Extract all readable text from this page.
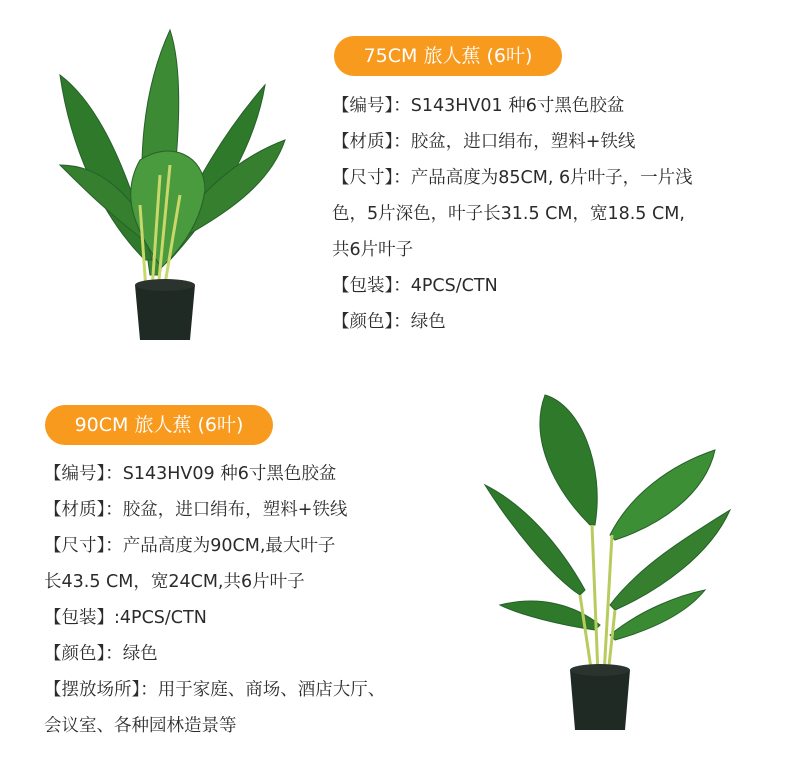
75CM 旅人蕉 (6叶)
【编号】：S143HV01 种6寸黑色胶盆
【材质】：胶盆，进口绢布，塑料+铁线
【尺寸】：产品高度为85CM, 6片叶子，一片浅
色，5片深色，叶子长31.5 CM，宽18.5 CM,
共6片叶子
【包装】：4PCS/CTN
【颜色】：绿色
90CM 旅人蕉 (6叶)
【编号】：S143HV09 种6寸黑色胶盆
【材质】：胶盆，进口绢布，塑料+铁线
【尺寸】：产品高度为90CM,最大叶子
长43.5 CM，宽24CM,共6片叶子
【包装】:4PCS/CTN
【颜色】：绿色
【摆放场所】：用于家庭、商场、酒店大厅、
会议室、各种园林造景等
